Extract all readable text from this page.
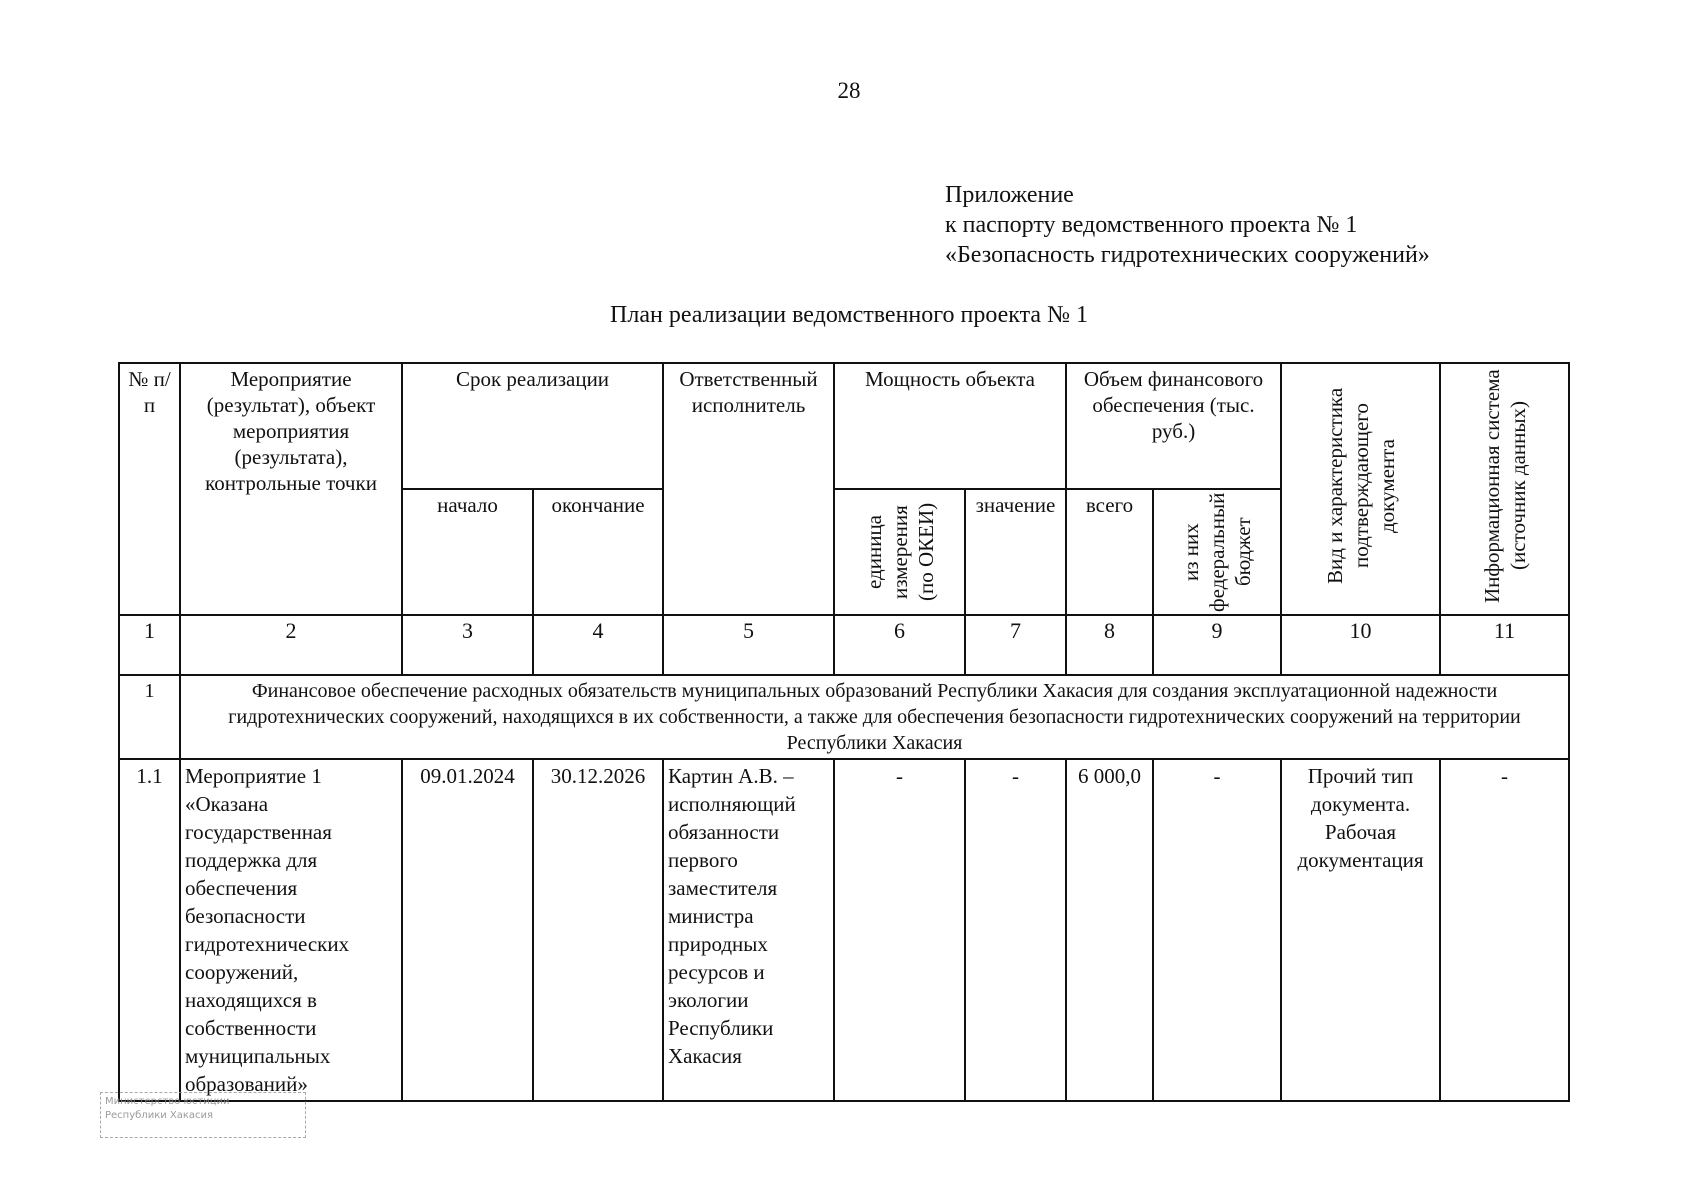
28
Приложение
к паспорту ведомственного проекта № 1
«Безопасность гидротехнических сооружений»
План реализации ведомственного проекта № 1
№ п/п	Мероприятие (результат), объект мероприятия (результата), контрольные точки	Срок реализации		Ответственный исполнитель	Мощность объекта		Объем финансового обеспечения (тыс. руб.)		Вид и характеристика подтверждающего документа	Информационная система (источник данных)

		начало	окончание		единица измерения (по ОКЕИ)	значение	всего	из них федеральный бюджет		

1	2	3	4	5	6	7	8	9	10	11
1	Финансовое обеспечение расходных обязательств муниципальных образований Республики Хакасия для создания эксплуатационной надежности гидротехнических сооружений, находящихся в их собственности, а также для обеспечения безопасности гидротехнических сооружений на территории Республики Хакасия									
1.1	Мероприятие 1 «Оказана государственная поддержка для обеспечения безопасности гидротехнических сооружений, находящихся в собственности муниципальных образований»	09.01.2024	30.12.2026	Картин А.В. – исполняющий обязанности первого заместителя министра природных ресурсов и экологии Республики Хакасия	-	-	6 000,0	-	Прочий тип документа. Рабочая документация	-
Министерство юстиции
Республики Хакасия
